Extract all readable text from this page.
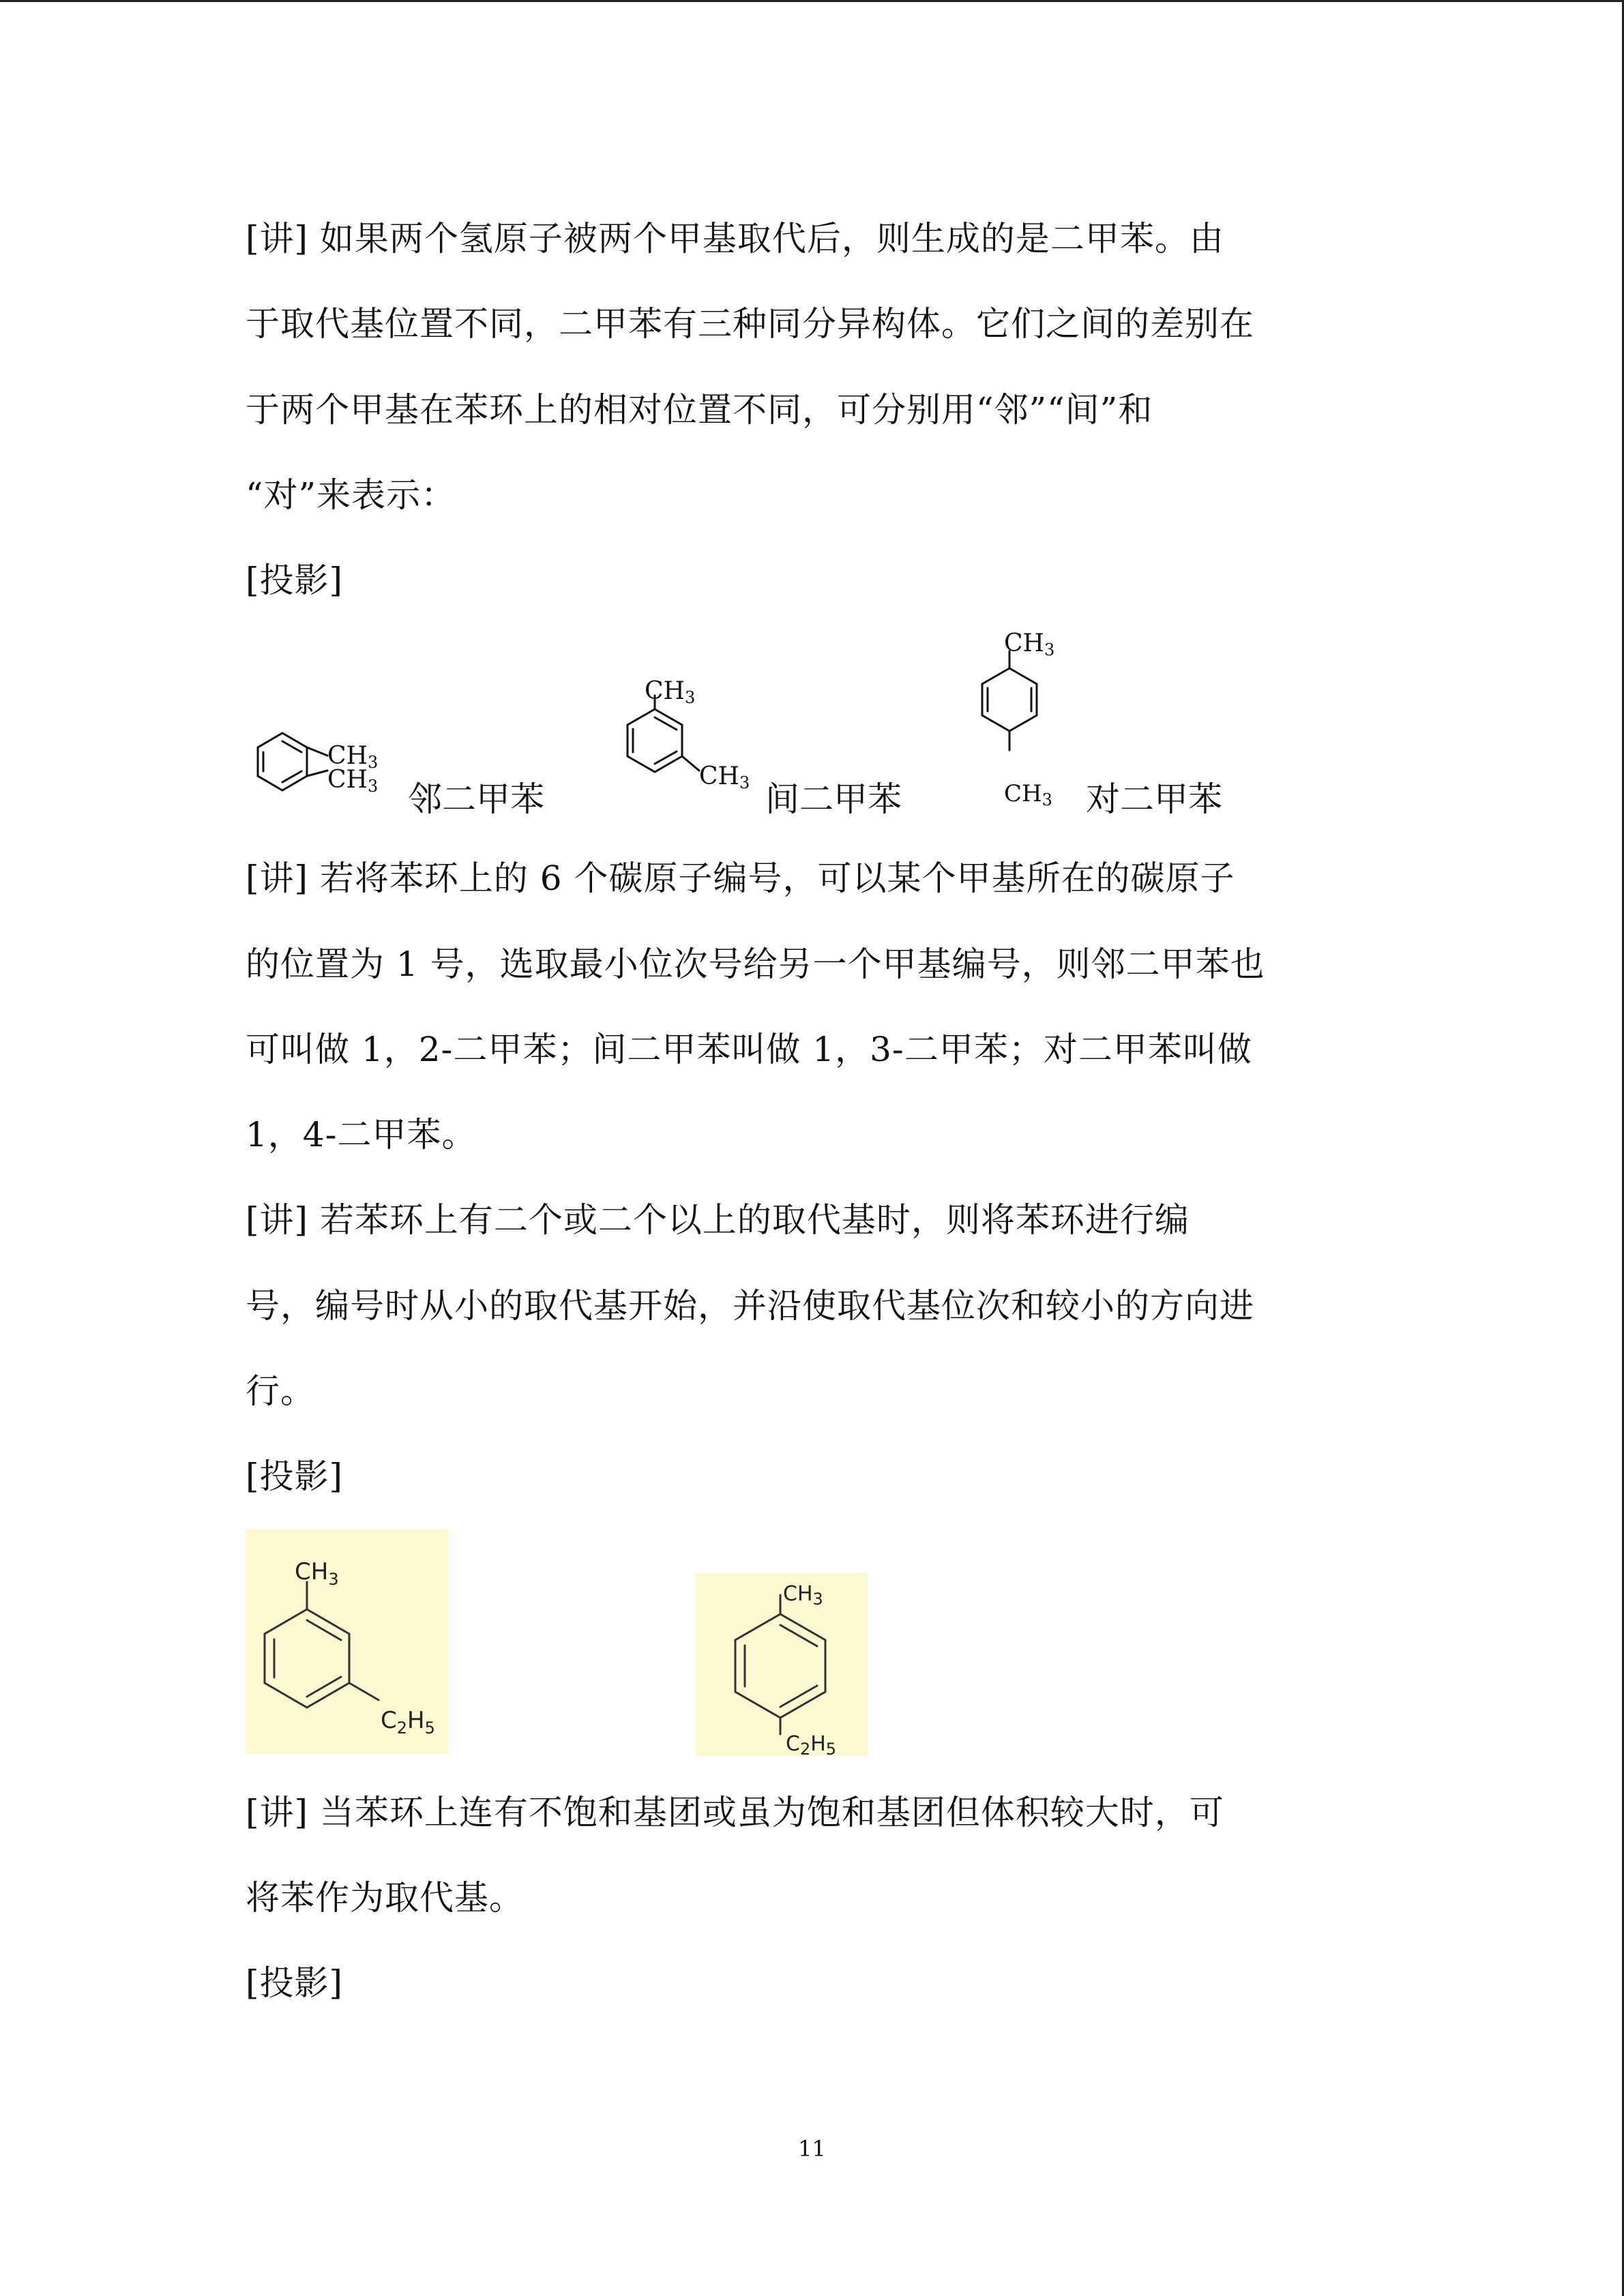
[讲] 如果两个氢原子被两个甲基取代后，则生成的是二甲苯。由
于取代基位置不同，二甲苯有三种同分异构体。它们之间的差别在
于两个甲基在苯环上的相对位置不同，可分别用“邻”“间”和
“对”来表示：
[投影]
CH3
CH3 邻二甲苯
CH3
CH3 间二甲苯
CH3
CH3 对二甲苯
[讲] 若将苯环上的 6 个碳原子编号，可以某个甲基所在的碳原子
的位置为 1 号，选取最小位次号给另一个甲基编号，则邻二甲苯也
可叫做 1，2-二甲苯；间二甲苯叫做 1，3-二甲苯；对二甲苯叫做
1，4-二甲苯。
[讲] 若苯环上有二个或二个以上的取代基时，则将苯环进行编
号，编号时从小的取代基开始，并沿使取代基位次和较小的方向进
行。
[投影]
$CH_3$
$C_2H_5$
$CH_3$
$C_2H_5$
[讲] 当苯环上连有不饱和基团或虽为饱和基团但体积较大时，可
将苯作为取代基。
[投影]
11
